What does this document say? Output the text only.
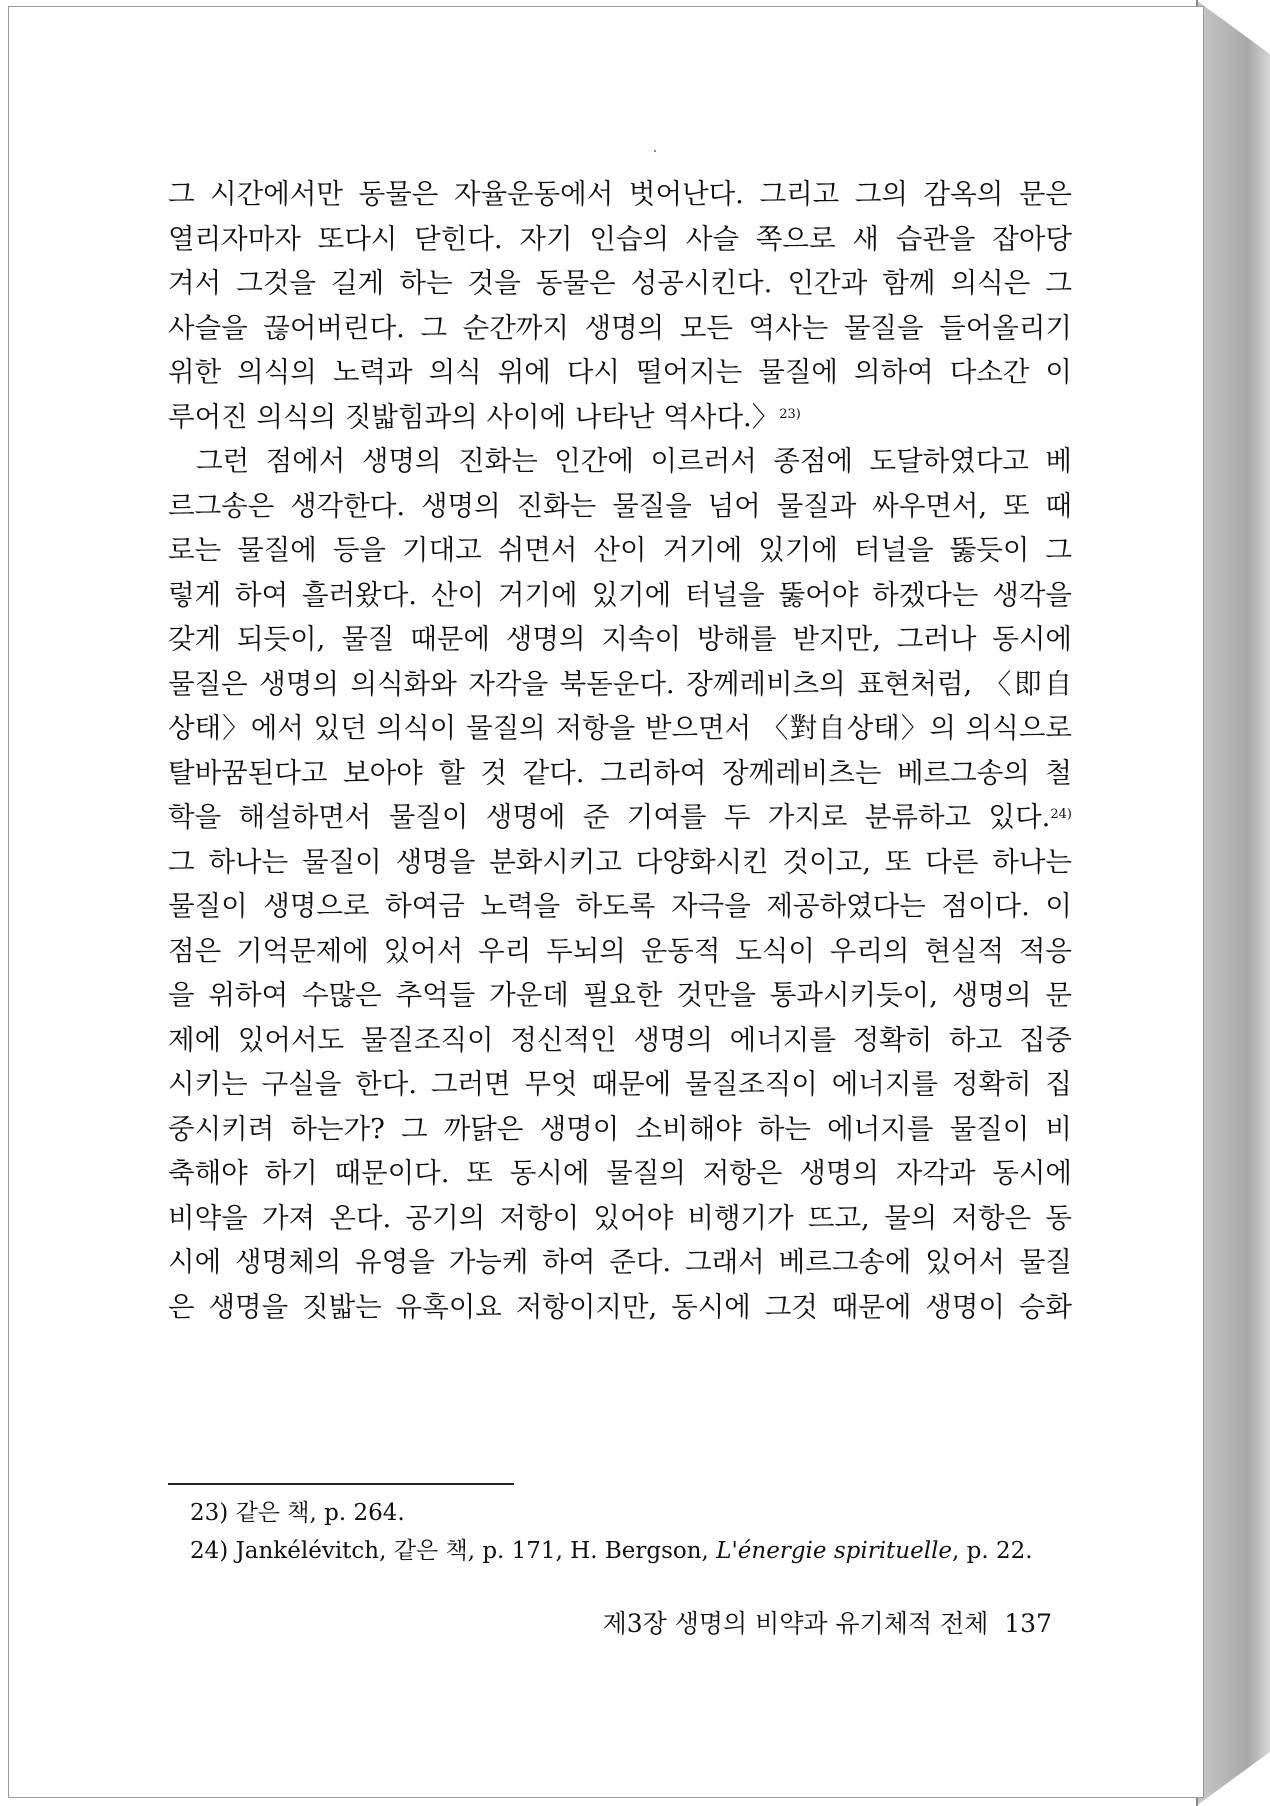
그 시간에서만 동물은 자율운동에서 벗어난다. 그리고 그의 감옥의 문은
열리자마자 또다시 닫힌다. 자기 인습의 사슬 쪽으로 새 습관을 잡아당
겨서 그것을 길게 하는 것을 동물은 성공시킨다. 인간과 함께 의식은 그
사슬을 끊어버린다. 그 순간까지 생명의 모든 역사는 물질을 들어올리기
위한 의식의 노력과 의식 위에 다시 떨어지는 물질에 의하여 다소간 이
루어진 의식의 짓밟힘과의 사이에 나타난 역사다.〉$^{23)}$
그런 점에서 생명의 진화는 인간에 이르러서 종점에 도달하였다고 베
르그송은 생각한다. 생명의 진화는 물질을 넘어 물질과 싸우면서, 또 때
로는 물질에 등을 기대고 쉬면서 산이 거기에 있기에 터널을 뚫듯이 그
렇게 하여 흘러왔다. 산이 거기에 있기에 터널을 뚫어야 하겠다는 생각을
갖게 되듯이, 물질 때문에 생명의 지속이 방해를 받지만, 그러나 동시에
물질은 생명의 의식화와 자각을 북돋운다. 장께레비츠의 표현처럼, 〈即自
상태〉에서 있던 의식이 물질의 저항을 받으면서 〈對自상태〉의 의식으로
탈바꿈된다고 보아야 할 것 같다. 그리하여 장께레비츠는 베르그송의 철
학을 해설하면서 물질이 생명에 준 기여를 두 가지로 분류하고 있다.$^{24)}$
그 하나는 물질이 생명을 분화시키고 다양화시킨 것이고, 또 다른 하나는
물질이 생명으로 하여금 노력을 하도록 자극을 제공하였다는 점이다. 이
점은 기억문제에 있어서 우리 두뇌의 운동적 도식이 우리의 현실적 적응
을 위하여 수많은 추억들 가운데 필요한 것만을 통과시키듯이, 생명의 문
제에 있어서도 물질조직이 정신적인 생명의 에너지를 정확히 하고 집중
시키는 구실을 한다. 그러면 무엇 때문에 물질조직이 에너지를 정확히 집
중시키려 하는가? 그 까닭은 생명이 소비해야 하는 에너지를 물질이 비
축해야 하기 때문이다. 또 동시에 물질의 저항은 생명의 자각과 동시에
비약을 가져 온다. 공기의 저항이 있어야 비행기가 뜨고, 물의 저항은 동
시에 생명체의 유영을 가능케 하여 준다. 그래서 베르그송에 있어서 물질
은 생명을 짓밟는 유혹이요 저항이지만, 동시에 그것 때문에 생명이 승화
23) 같은 책, p. 264.
24) Jankélévitch, 같은 책, p. 171, H. Bergson, L'énergie spirituelle, p. 22.
제3장 생명의 비약과 유기체적 전체 137
